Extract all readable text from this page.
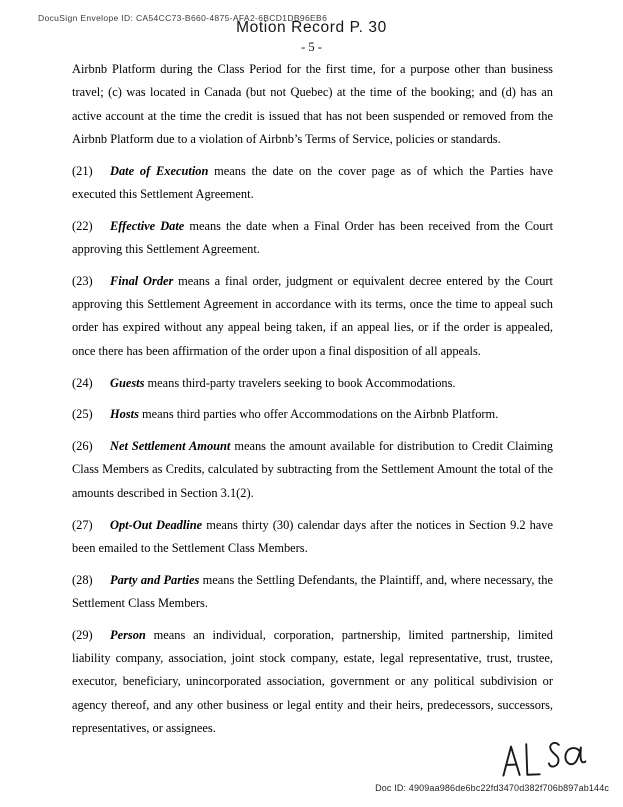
DocuSign Envelope ID: CA54CC73-B660-4875-AFA2-6BCD1DB96EB6
Motion Record P. 30
- 5 -

Airbnb Platform during the Class Period for the first time, for a purpose other than business travel; (c) was located in Canada (but not Quebec) at the time of the booking; and (d) has an active account at the time the credit is issued that has not been suspended or removed from the Airbnb Platform due to a violation of Airbnb’s Terms of Service, policies or standards.

(21) Date of Execution means the date on the cover page as of which the Parties have executed this Settlement Agreement.

(22) Effective Date means the date when a Final Order has been received from the Court approving this Settlement Agreement.

(23) Final Order means a final order, judgment or equivalent decree entered by the Court approving this Settlement Agreement in accordance with its terms, once the time to appeal such order has expired without any appeal being taken, if an appeal lies, or if the order is appealed, once there has been affirmation of the order upon a final disposition of all appeals.

(24) Guests means third-party travelers seeking to book Accommodations.

(25) Hosts means third parties who offer Accommodations on the Airbnb Platform.

(26) Net Settlement Amount means the amount available for distribution to Credit Claiming Class Members as Credits, calculated by subtracting from the Settlement Amount the total of the amounts described in Section 3.1(2).

(27) Opt-Out Deadline means thirty (30) calendar days after the notices in Section 9.2 have been emailed to the Settlement Class Members.

(28) Party and Parties means the Settling Defendants, the Plaintiff, and, where necessary, the Settlement Class Members.

(29) Person means an individual, corporation, partnership, limited partnership, limited liability company, association, joint stock company, estate, legal representative, trust, trustee, executor, beneficiary, unincorporated association, government or any political subdivision or agency thereof, and any other business or legal entity and their heirs, predecessors, successors, representatives, or assignees.

Doc ID: 4909aa986de6bc22fd3470d382f706b897ab144c
